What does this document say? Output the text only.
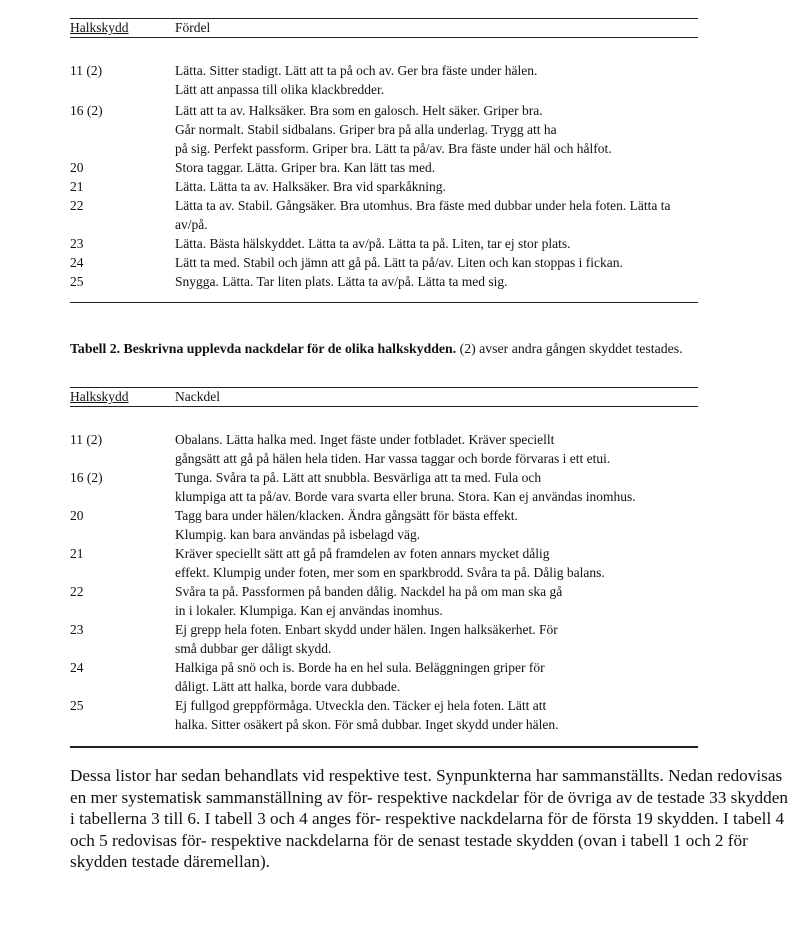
Halkskydd	Fördel
11 (2)	Lätta. Sitter stadigt. Lätt att ta på och av. Ger bra fäste under hälen.
Lätt att anpassa till olika klackbredder.
16 (2)	Lätt att ta av. Halksäker. Bra som en galosch. Helt säker. Griper bra.
Går normalt. Stabil sidbalans. Griper bra på alla underlag. Trygg att ha
på sig. Perfekt passform. Griper bra. Lätt ta på/av. Bra fäste under häl och hålfot.
20	Stora taggar. Lätta. Griper bra. Kan lätt tas med.
21	Lätta. Lätta ta av. Halksäker. Bra vid sparkåkning.
22	Lätta ta av. Stabil. Gångsäker. Bra utomhus. Bra fäste med dubbar under hela foten. Lätta ta
av/på.
23	Lätta. Bästa hälskyddet. Lätta ta av/på. Lätta ta på. Liten, tar ej stor plats.
24	Lätt ta med. Stabil och jämn att gå på. Lätt ta på/av. Liten och kan stoppas i fickan.
25	Snygga. Lätta. Tar liten plats. Lätta ta av/på. Lätta ta med sig.
Tabell 2. Beskrivna upplevda nackdelar för de olika halkskydden. (2) avser andra gången skyddet testades.
Halkskydd	Nackdel
11 (2)	Obalans. Lätta halka med. Inget fäste under fotbladet. Kräver speciellt
gångsätt att gå på hälen hela tiden. Har vassa taggar och borde förvaras i ett etui.
16 (2)	Tunga. Svåra ta på. Lätt att snubbla. Besvärliga att ta med. Fula och
klumpiga att ta på/av. Borde vara svarta eller bruna. Stora. Kan ej användas inomhus.
20	Tagg bara under hälen/klacken. Ändra gångsätt för bästa effekt.
Klumpig. kan bara användas på isbelagd väg.
21	Kräver speciellt sätt att gå på framdelen av foten annars mycket dålig
effekt. Klumpig under foten, mer som en sparkbrodd. Svåra ta på. Dålig balans.
22	Svåra ta på. Passformen på banden dålig. Nackdel ha på om man ska gå
in i lokaler. Klumpiga. Kan ej användas inomhus.
23	Ej grepp hela foten. Enbart skydd under hälen. Ingen halksäkerhet. För
små dubbar ger dåligt skydd.
24	Halkiga på snö och is. Borde ha en hel sula. Beläggningen griper för
dåligt. Lätt att halka, borde vara dubbade.
25	Ej fullgod greppförmåga. Utveckla den. Täcker ej hela foten. Lätt att
halka. Sitter osäkert på skon. För små dubbar. Inget skydd under hälen.
Dessa listor har sedan behandlats vid respektive test. Synpunkterna har sammanställts. Nedan redovisas en mer systematisk sammanställning av för- respektive nackdelar för de övriga av de testade 33 skydden i tabellerna 3 till 6. I tabell 3 och 4 anges för- respektive nackdelarna för de första 19 skydden. I tabell 4 och 5 redovisas för- respektive nackdelarna för de senast testade skydden (ovan i tabell 1 och 2 för skydden testade däremellan).
